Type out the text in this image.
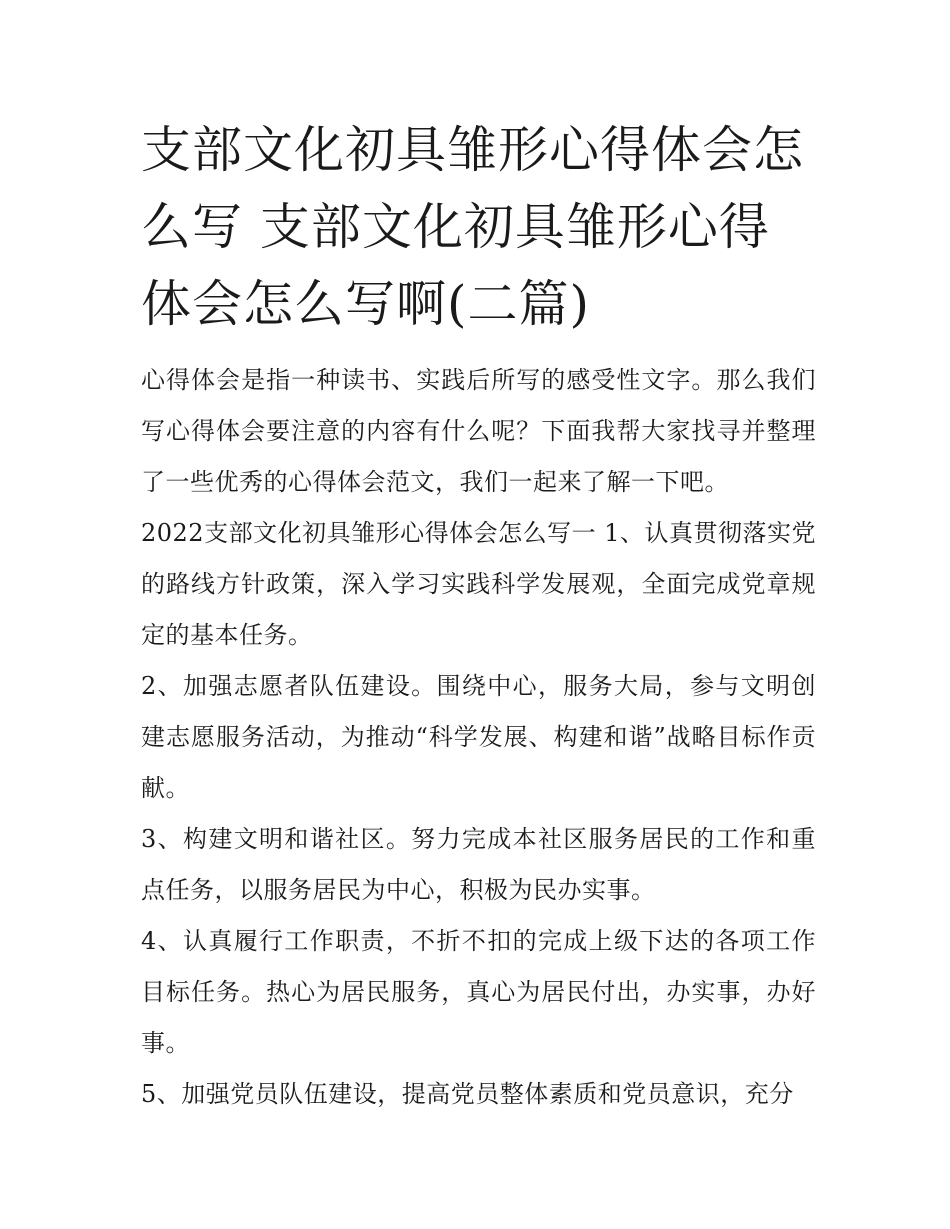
支部文化初具雏形心得体会怎么写 支部文化初具雏形心得体会怎么写啊(二篇)

心得体会是指一种读书、实践后所写的感受性文字。那么我们写心得体会要注意的内容有什么呢？下面我帮大家找寻并整理了一些优秀的心得体会范文，我们一起来了解一下吧。

2022支部文化初具雏形心得体会怎么写一 1、认真贯彻落实党的路线方针政策，深入学习实践科学发展观，全面完成党章规定的基本任务。

2、加强志愿者队伍建设。围绕中心，服务大局，参与文明创建志愿服务活动，为推动“科学发展、构建和谐”战略目标作贡献。

3、构建文明和谐社区。努力完成本社区服务居民的工作和重点任务，以服务居民为中心，积极为民办实事。

4、认真履行工作职责，不折不扣的完成上级下达的各项工作目标任务。热心为居民服务，真心为居民付出，办实事，办好事。

5、加强党员队伍建设，提高党员整体素质和党员意识，充分
